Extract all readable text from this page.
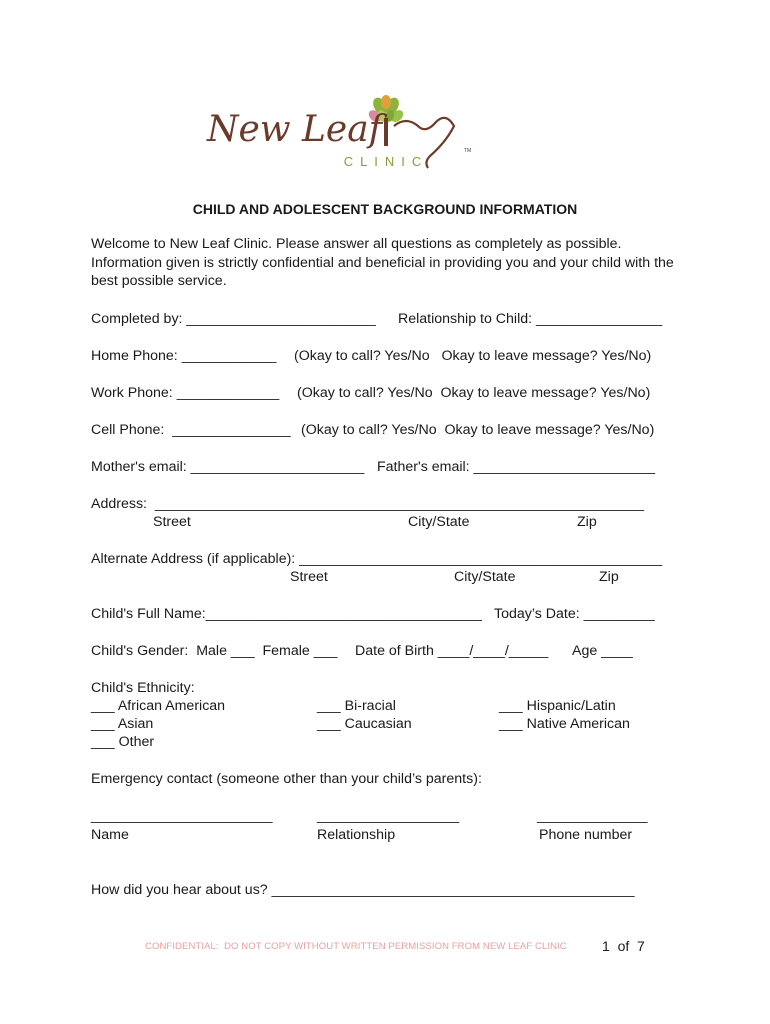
New Leaf
CLINIC
TM
CHILD AND ADOLESCENT BACKGROUND INFORMATION
Welcome to New Leaf Clinic. Please answer all questions as completely as possible. Information given is strictly confidential and beneficial in providing you and your child with the best possible service.
Completed by: ________________________ Relationship to Child: ________________
Home Phone: ____________ (Okay to call? Yes/No   Okay to leave message? Yes/No)
Work Phone: _____________ (Okay to call? Yes/No  Okay to leave message? Yes/No)
Cell Phone:  _______________ (Okay to call? Yes/No  Okay to leave message? Yes/No)
Mother's email: ______________________ Father's email: _______________________
Address:  ______________________________________________________________
Street	City/State	Zip
Alternate Address (if applicable): ______________________________________________
Street	City/State	Zip
Child's Full Name:___________________________________ Today’s Date: _________
Child's Gender:  Male ___  Female ___ Date of Birth ____/____/_____ Age ____
Child's Ethnicity:
___ African American
___ Asian
___ Other
___ Bi-racial
___ Caucasian
___ Hispanic/Latin
___ Native American
Emergency contact (someone other than your child’s parents):
_______________________	__________________	______________
Name	Relationship	Phone number
How did you hear about us? ______________________________________________
CONFIDENTIAL:  DO NOT COPY WITHOUT WRITTEN PERMISSION FROM NEW LEAF CLINIC	1  of  7
